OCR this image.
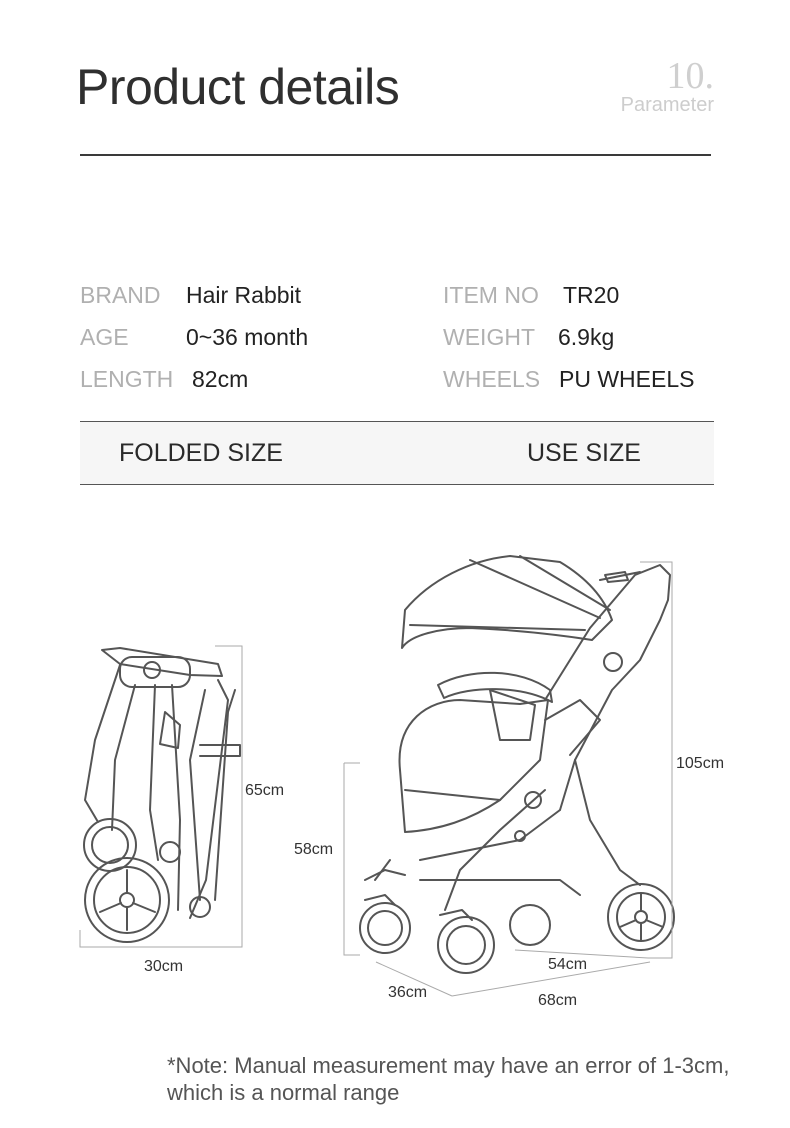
Product details	10.
Parameter
BRAND Hair Rabbit
AGE 0~36 month
LENGTH 82cm
ITEM NO TR20
WEIGHT 6.9kg
WHEELS PU WHEELS
FOLDED SIZE	USE SIZE
65cm
30cm
105cm
58cm
54cm
36cm	68cm
*Note: Manual measurement may have an error of 1-3cm, which is a normal range
